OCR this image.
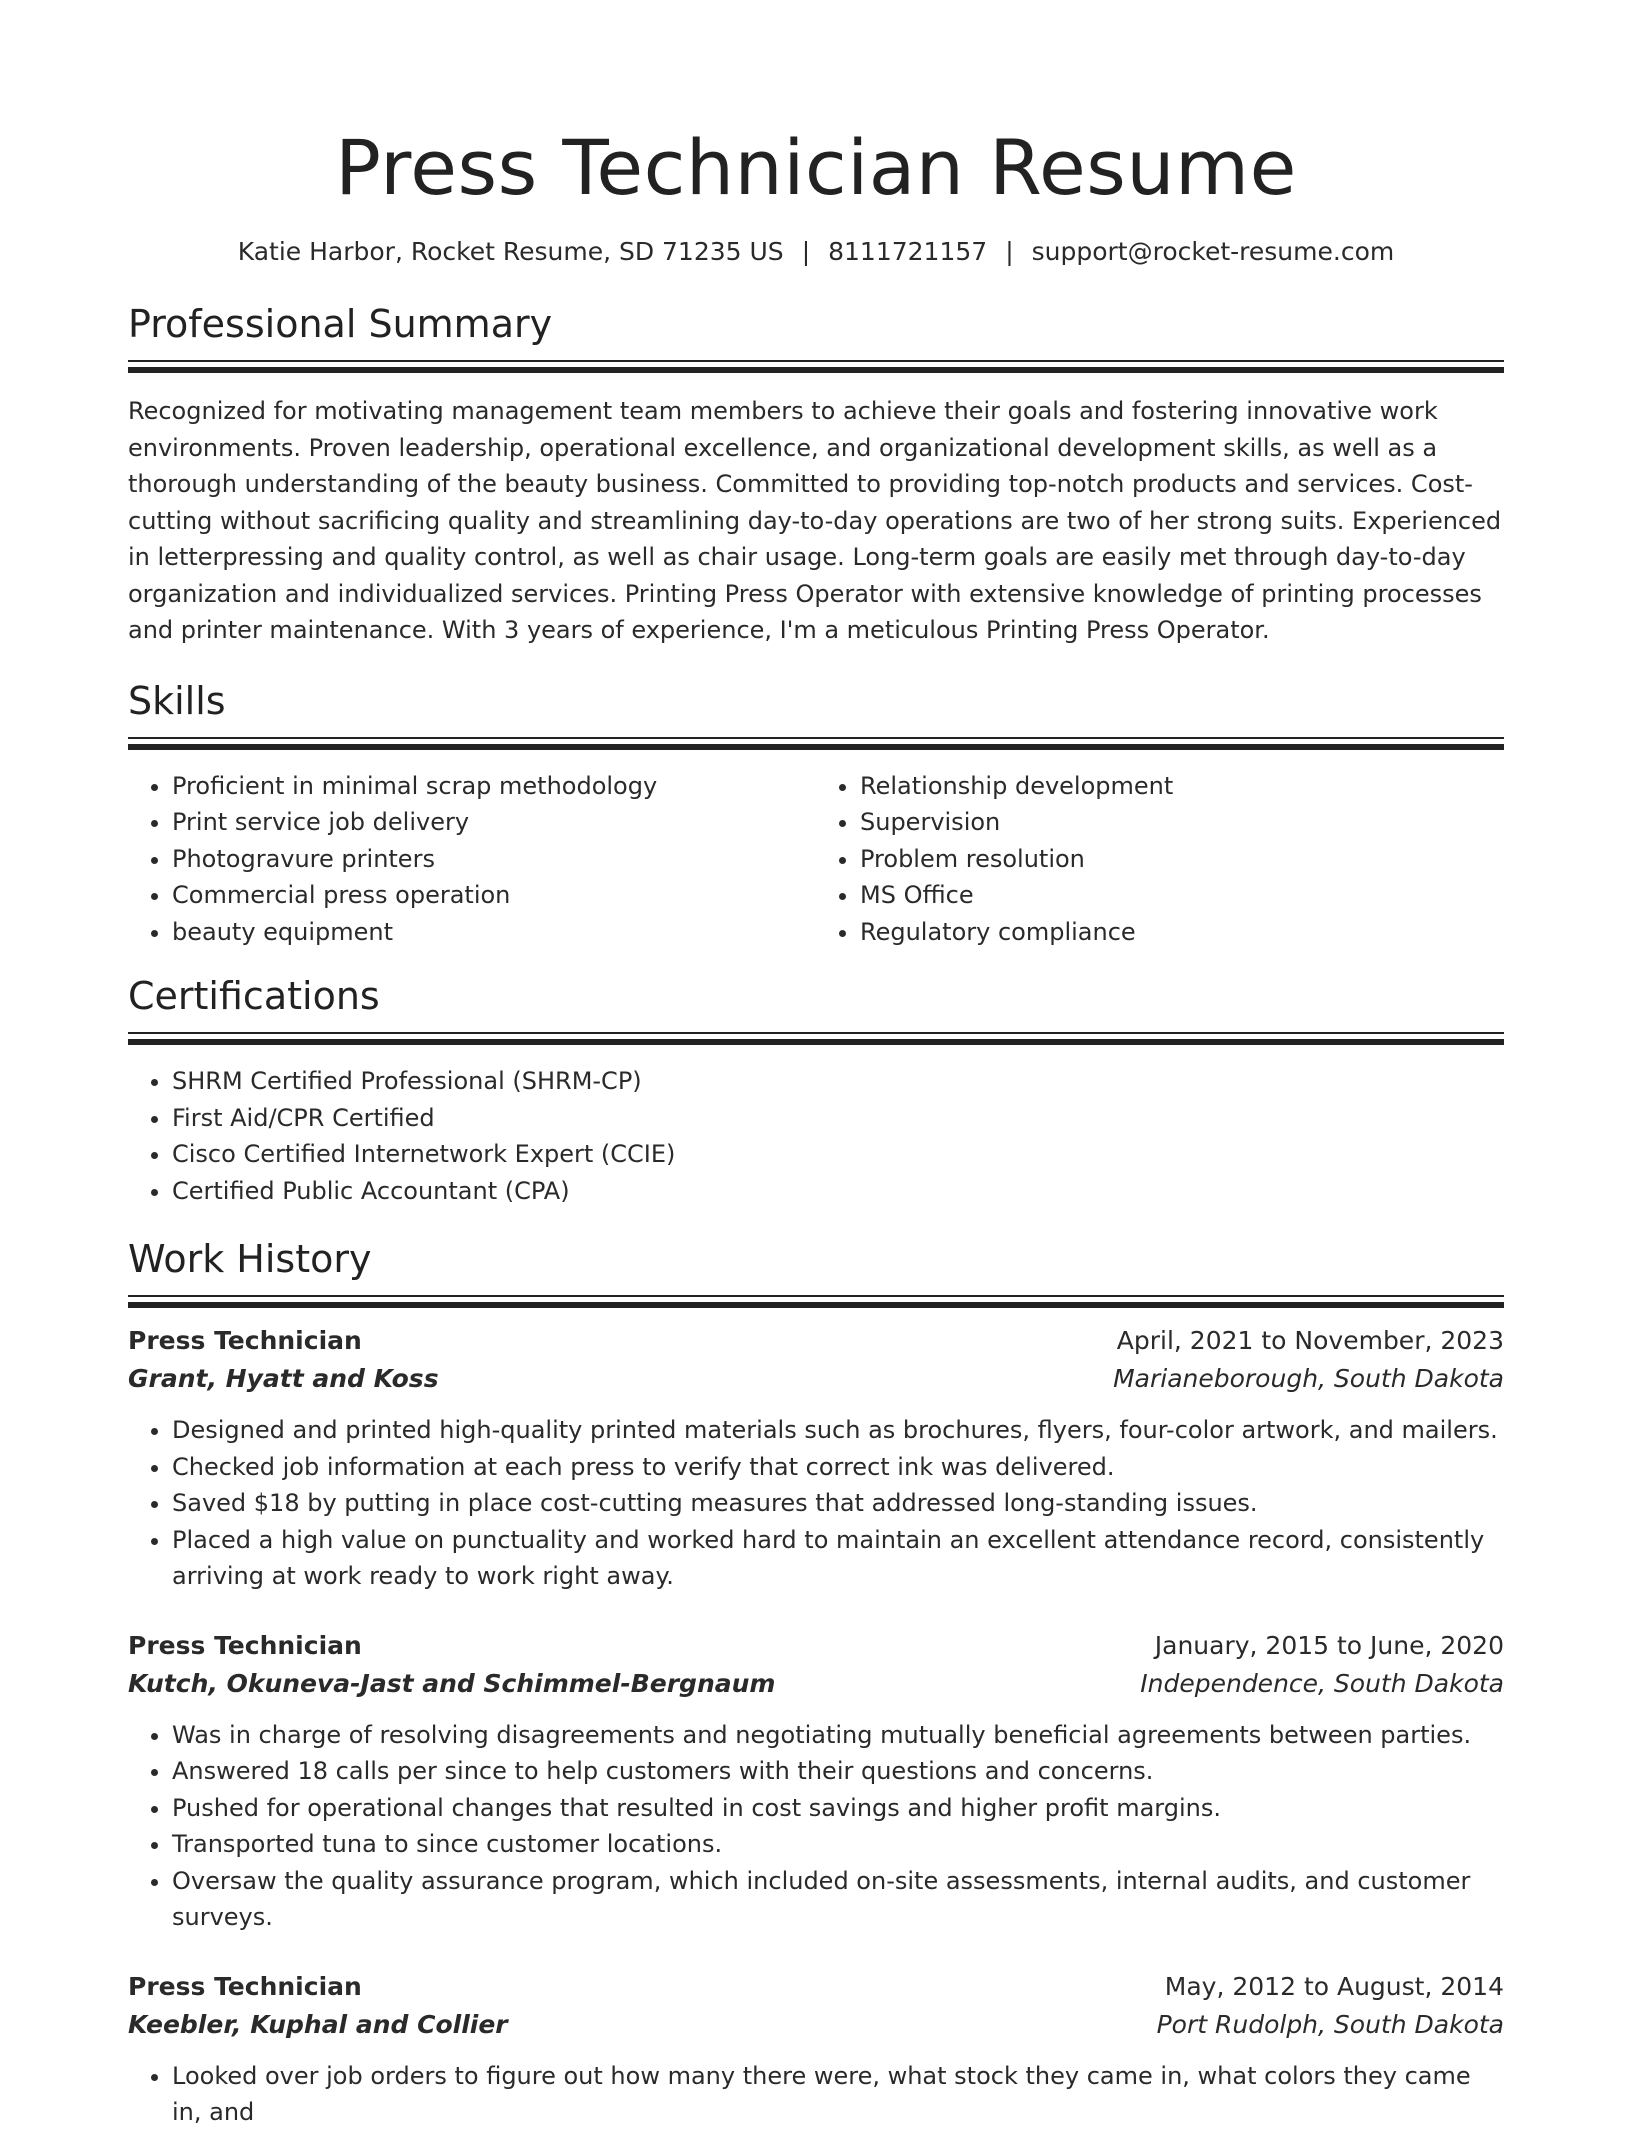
Press Technician Resume
Katie Harbor, Rocket Resume, SD 71235 US | 8111721157 | support@rocket-resume.com
Professional Summary
Recognized for motivating management team members to achieve their goals and fostering innovative work environments. Proven leadership, operational excellence, and organizational development skills, as well as a thorough understanding of the beauty business. Committed to providing top-notch products and services. Cost-cutting without sacrificing quality and streamlining day-to-day operations are two of her strong suits. Experienced in letterpressing and quality control, as well as chair usage. Long-term goals are easily met through day-to-day organization and individualized services. Printing Press Operator with extensive knowledge of printing processes and printer maintenance. With 3 years of experience, I'm a meticulous Printing Press Operator.
Skills
• Proficient in minimal scrap methodology
• Print service job delivery
• Photogravure printers
• Commercial press operation
• beauty equipment
• Relationship development
• Supervision
• Problem resolution
• MS Office
• Regulatory compliance
Certifications
• SHRM Certified Professional (SHRM-CP)
• First Aid/CPR Certified
• Cisco Certified Internetwork Expert (CCIE)
• Certified Public Accountant (CPA)
Work History
Press Technician	April, 2021 to November, 2023
Grant, Hyatt and Koss	Marianeborough, South Dakota
• Designed and printed high-quality printed materials such as brochures, flyers, four-color artwork, and mailers.
• Checked job information at each press to verify that correct ink was delivered.
• Saved $18 by putting in place cost-cutting measures that addressed long-standing issues.
• Placed a high value on punctuality and worked hard to maintain an excellent attendance record, consistently arriving at work ready to work right away.
Press Technician	January, 2015 to June, 2020
Kutch, Okuneva-Jast and Schimmel-Bergnaum	Independence, South Dakota
• Was in charge of resolving disagreements and negotiating mutually beneficial agreements between parties.
• Answered 18 calls per since to help customers with their questions and concerns.
• Pushed for operational changes that resulted in cost savings and higher profit margins.
• Transported tuna to since customer locations.
• Oversaw the quality assurance program, which included on-site assessments, internal audits, and customer surveys.
Press Technician	May, 2012 to August, 2014
Keebler, Kuphal and Collier	Port Rudolph, South Dakota
• Looked over job orders to figure out how many there were, what stock they came in, what colors they came in, and
